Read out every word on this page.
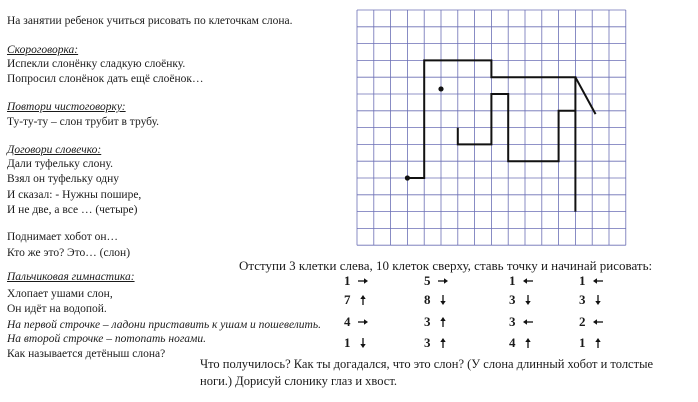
На занятии ребенок учиться рисовать по клеточкам слона.
Скороговорка:
Испекли слонёнку сладкую слоёнку.
Попросил слонёнок дать ещё слоёнок…
Повтори чистоговорку:
Ту-ту-ту – слон трубит в трубу.
Договори словечко:
Дали туфельку слону.
Взял он туфельку одну
И сказал: - Нужны пошире,
И не две, а все … (четыре)
Поднимает хобот он…
Кто же это? Это… (слон)
Пальчиковая гимнастика:
Хлопает ушами слон,
Он идёт на водопой.
На первой строчке – ладони приставить к ушам и пошевелить.
На второй строчке – потопать ногами.
Как называется детёныш слона?
Отступи 3 клетки слева, 10 клеток сверху, ставь точку и начинай рисовать:
1	5	1	1
7	8	3	3
4	3	3	2
1	3	4	1
Что получилось? Как ты догадался, что это слон? (У слона длинный хобот и толстые ноги.) Дорисуй слонику глаз и хвост.
